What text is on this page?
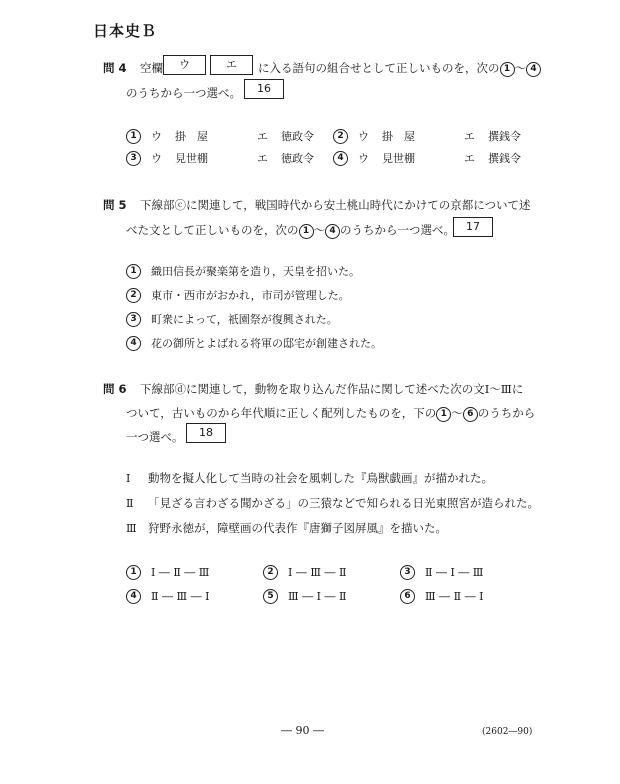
日本史Ｂ
問 4 空欄	ウ	エ	に入る語句の組合せとして正しいものを，次の 1 ～ 4
のうちから一つ選べ。	16
1	ウ	掛　屋	エ	徳政令	2	ウ	掛　屋	エ	撰銭令
3	ウ	見世棚	エ	徳政令	4	ウ	見世棚	エ	撰銭令
問 5 下線部ⓒに関連して，戦国時代から安土桃山時代にかけての京都について述
べた文として正しいものを，次の 1 ～ 4 のうちから一つ選べ。	17
1	織田信長が聚楽第を造り，天皇を招いた。
2	東市・西市がおかれ，市司が管理した。
3	町衆によって，祇園祭が復興された。
4	花の御所とよばれる将軍の邸宅が創建された。
問 6 下線部ⓓに関連して，動物を取り込んだ作品に関して述べた次の文Ⅰ～Ⅲに
ついて，古いものから年代順に正しく配列したものを，下の 1 ～ 6 のうちから
一つ選べ。	18
Ⅰ 動物を擬人化して当時の社会を風刺した『鳥獣戯画』が描かれた。
Ⅱ 「見ざる言わざる聞かざる」の三猿などで知られる日光東照宮が造られた。
Ⅲ 狩野永徳が，障壁画の代表作『唐獅子図屏風』を描いた。
1	Ⅰ ― Ⅱ ― Ⅲ	2	Ⅰ ― Ⅲ ― Ⅱ	3	Ⅱ ― Ⅰ ― Ⅲ
4	Ⅱ ― Ⅲ ― Ⅰ	5	Ⅲ ― Ⅰ ― Ⅱ	6	Ⅲ ― Ⅱ ― Ⅰ
― 90 ―	(2602―90)
